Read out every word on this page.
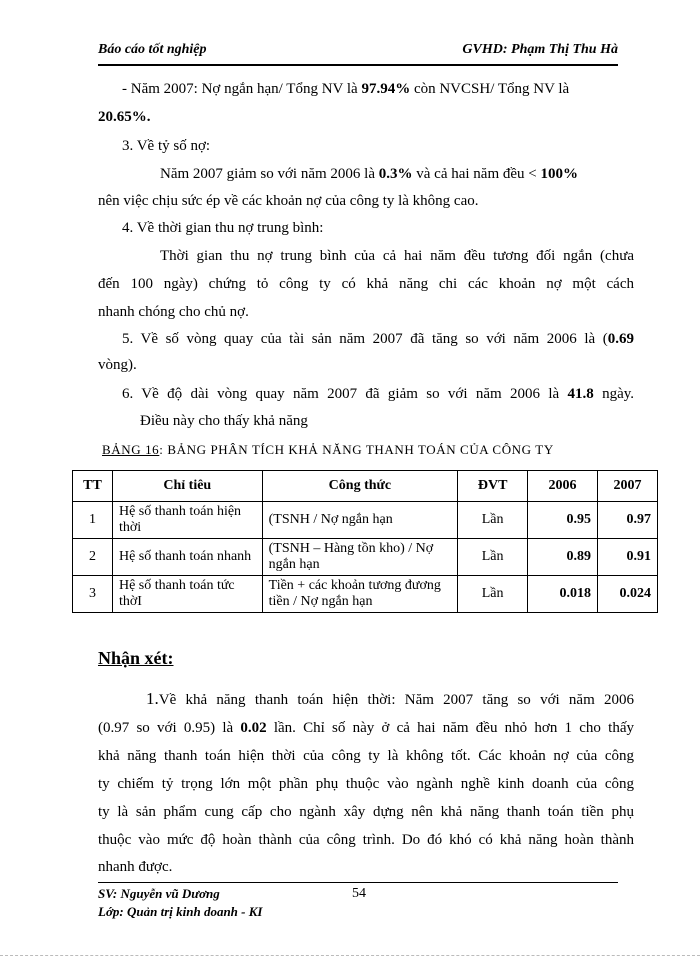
Báo cáo tốt nghiệp	GVHD: Phạm Thị Thu Hà
- Năm 2007: Nợ ngắn hạn/ Tổng NV là 97.94% còn NVCSH/ Tổng NV là
20.65%.
3. Về tỷ số nợ:
Năm 2007 giảm so với năm 2006 là 0.3% và cả hai năm đều < 100%
nên việc chịu sức ép về các khoản nợ của công ty là không cao.
4. Về thời gian thu nợ trung bình:
Thời gian thu nợ trung bình của cả hai năm đều tương đối ngắn (chưa
đến 100 ngày) chứng tỏ công ty có khả năng chi các khoản nợ một cách
nhanh chóng cho chủ nợ.
5. Về số vòng quay của tài sản năm 2007 đã tăng so với năm 2006 là (0.69
vòng).
6. Về độ dài vòng quay năm 2007 đã giảm so với năm 2006 là 41.8 ngày.
Điều này cho thấy khả năng
BẢNG 16: BẢNG PHÂN TÍCH KHẢ NĂNG THANH TOÁN CỦA CÔNG TY
TT	Chỉ tiêu	Công thức	ĐVT	2006	2007
1	Hệ số thanh toán hiện thời	(TSNH / Nợ ngắn hạn	Lần	0.95	0.97
2	Hệ số thanh toán nhanh	(TSNH – Hàng tồn kho) / Nợ ngắn hạn	Lần	0.89	0.91
3	Hệ số thanh toán tức thờI	Tiền + các khoản tương đương tiền / Nợ ngắn hạn	Lần	0.018	0.024
Nhận xét:
1.Về khả năng thanh toán hiện thời: Năm 2007 tăng so với năm 2006
(0.97 so với 0.95) là 0.02 lần. Chỉ số này ở cả hai năm đều nhỏ hơn 1 cho thấy
khả năng thanh toán hiện thời của công ty là không tốt. Các khoản nợ của công
ty chiếm tỷ trọng lớn một phần phụ thuộc vào ngành nghề kinh doanh của công
ty là sản phẩm cung cấp cho ngành xây dựng nên khả năng thanh toán tiền phụ
thuộc vào mức độ hoàn thành của công trình. Do đó khó có khả năng hoàn thành
nhanh được.
SV: Nguyễn vũ Dương	54
Lớp: Quản trị kinh doanh - KI
